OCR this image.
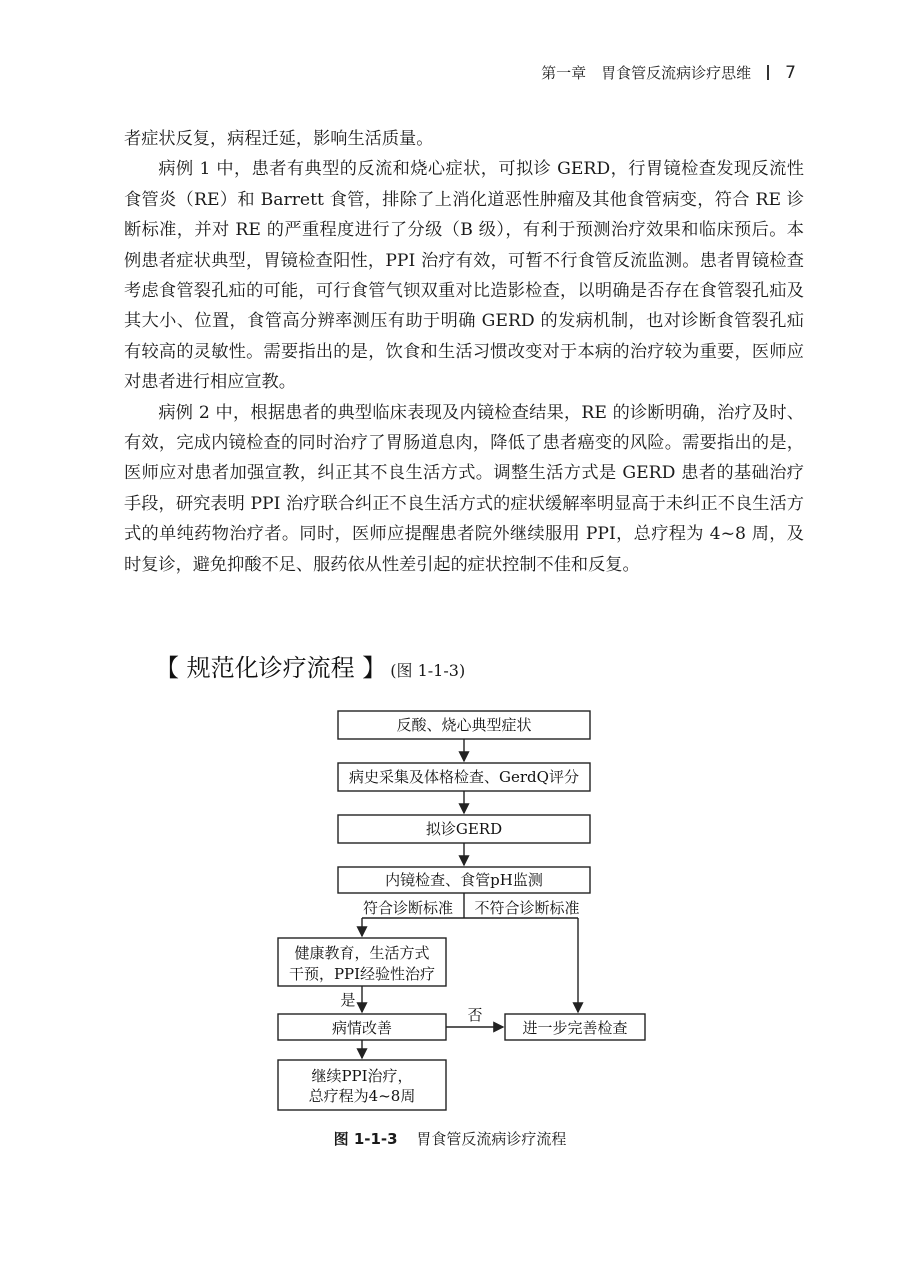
第一章　胃食管反流病诊疗思维 7

者症状反复，病程迁延，影响生活质量。

病例 1 中，患者有典型的反流和烧心症状，可拟诊 GERD，行胃镜检查发现反流性食管炎（RE）和 Barrett 食管，排除了上消化道恶性肿瘤及其他食管病变，符合 RE 诊断标准，并对 RE 的严重程度进行了分级（B 级），有利于预测治疗效果和临床预后。本例患者症状典型，胃镜检查阳性，PPI 治疗有效，可暂不行食管反流监测。患者胃镜检查考虑食管裂孔疝的可能，可行食管气钡双重对比造影检查，以明确是否存在食管裂孔疝及其大小、位置，食管高分辨率测压有助于明确 GERD 的发病机制，也对诊断食管裂孔疝有较高的灵敏性。需要指出的是，饮食和生活习惯改变对于本病的治疗较为重要，医师应对患者进行相应宣教。

病例 2 中，根据患者的典型临床表现及内镜检查结果，RE 的诊断明确，治疗及时、有效，完成内镜检查的同时治疗了胃肠道息肉，降低了患者癌变的风险。需要指出的是，医师应对患者加强宣教，纠正其不良生活方式。调整生活方式是 GERD 患者的基础治疗手段，研究表明 PPI 治疗联合纠正不良生活方式的症状缓解率明显高于未纠正不良生活方式的单纯药物治疗者。同时，医师应提醒患者院外继续服用 PPI，总疗程为 4~8 周，及时复诊，避免抑酸不足、服药依从性差引起的症状控制不佳和反复。

【 规范化诊疗流程 】 (图 1-1-3)
反酸、烧心典型症状
病史采集及体格检查、GerdQ评分
拟诊GERD
内镜检查、食管pH监测
符合诊断标准 不符合诊断标准
健康教育，生活方式
干预，PPI经验性治疗
是
病情改善
否
进一步完善检查
继续PPI治疗，
总疗程为4~8周
图 1-1-3 胃食管反流病诊疗流程
